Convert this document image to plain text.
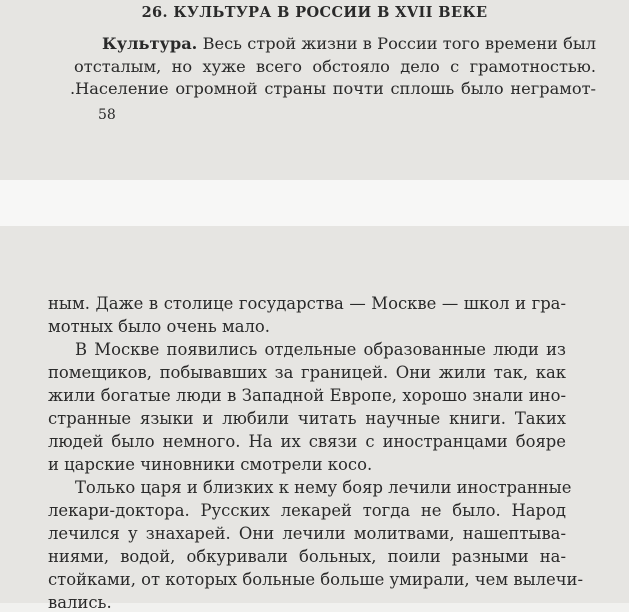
26. КУЛЬТУРА В РОССИИ В XVII ВЕКЕ
Культура. Весь строй жизни в России того времени был
отсталым, но хуже всего обстояло дело с грамотностью.
.Население огромной страны почти сплошь было неграмот-
58
ным. Даже в столице государства — Москве — школ и гра-
мотных было очень мало.
В Москве появились отдельные образованные люди из
помещиков, побывавших за границей. Они жили так, как
жили богатые люди в Западной Европе, хорошо знали ино-
странные языки и любили читать научные книги. Таких
людей было немного. На их связи с иностранцами бояре
и царские чиновники смотрели косо.
Только царя и близких к нему бояр лечили иностранные
лекари-доктора. Русских лекарей тогда не было. Народ
лечился у знахарей. Они лечили молитвами, нашептыва-
ниями, водой, обкуривали больных, поили разными на-
стойками, от которых больные больше умирали, чем вылечи-
вались.
